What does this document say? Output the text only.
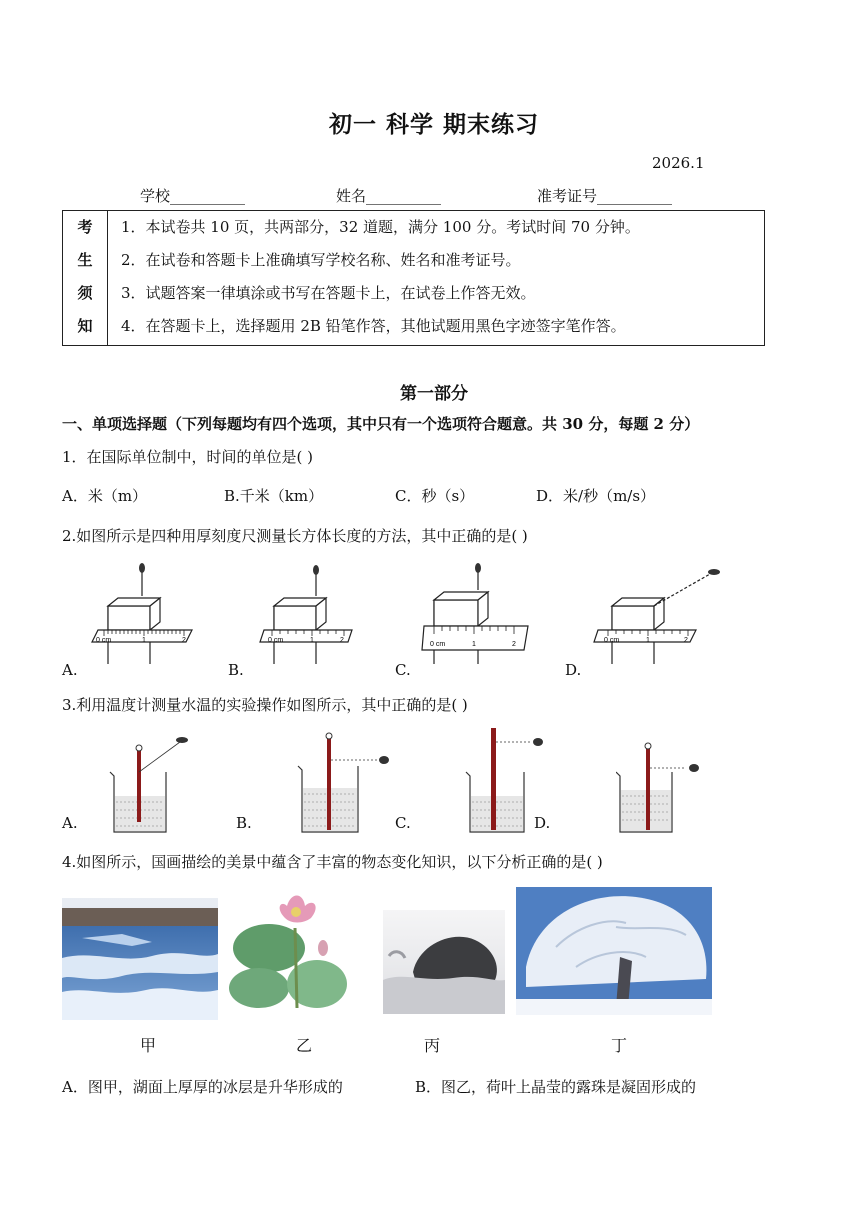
初一 科学 期末练习
2026.1
学校__________	姓名__________	准考证号__________
考
生
须
知

1．本试卷共 10 页，共两部分，32 道题，满分 100 分。考试时间 70 分钟。
2．在试卷和答题卡上准确填写学校名称、姓名和准考证号。
3．试题答案一律填涂或书写在答题卡上，在试卷上作答无效。
4．在答题卡上，选择题用 2B 铅笔作答，其他试题用黑色字迹签字笔作答。
第一部分
一、单项选择题（下列每题均有四个选项，其中只有一个选项符合题意。共 30 分，每题 2 分）
1．在国际单位制中，时间的单位是( )
A．米（m）	B.千米（km）	C．秒（s）	D．米/秒（m/s）
2.如图所示是四种用厚刻度尺测量长方体长度的方法，其中正确的是( )
0 cm	1	2
A.
0 cm	1	2
B.
0 cm	1	2
C.
0 cm	1	2
D.
3.利用温度计测量水温的实验操作如图所示，其中正确的是( )
A.	B.	C.	D.
4.如图所示，国画描绘的美景中蕴含了丰富的物态变化知识，以下分析正确的是( )
甲	乙	丙	丁
A．图甲，湖面上厚厚的冰层是升华形成的	B．图乙，荷叶上晶莹的露珠是凝固形成的
